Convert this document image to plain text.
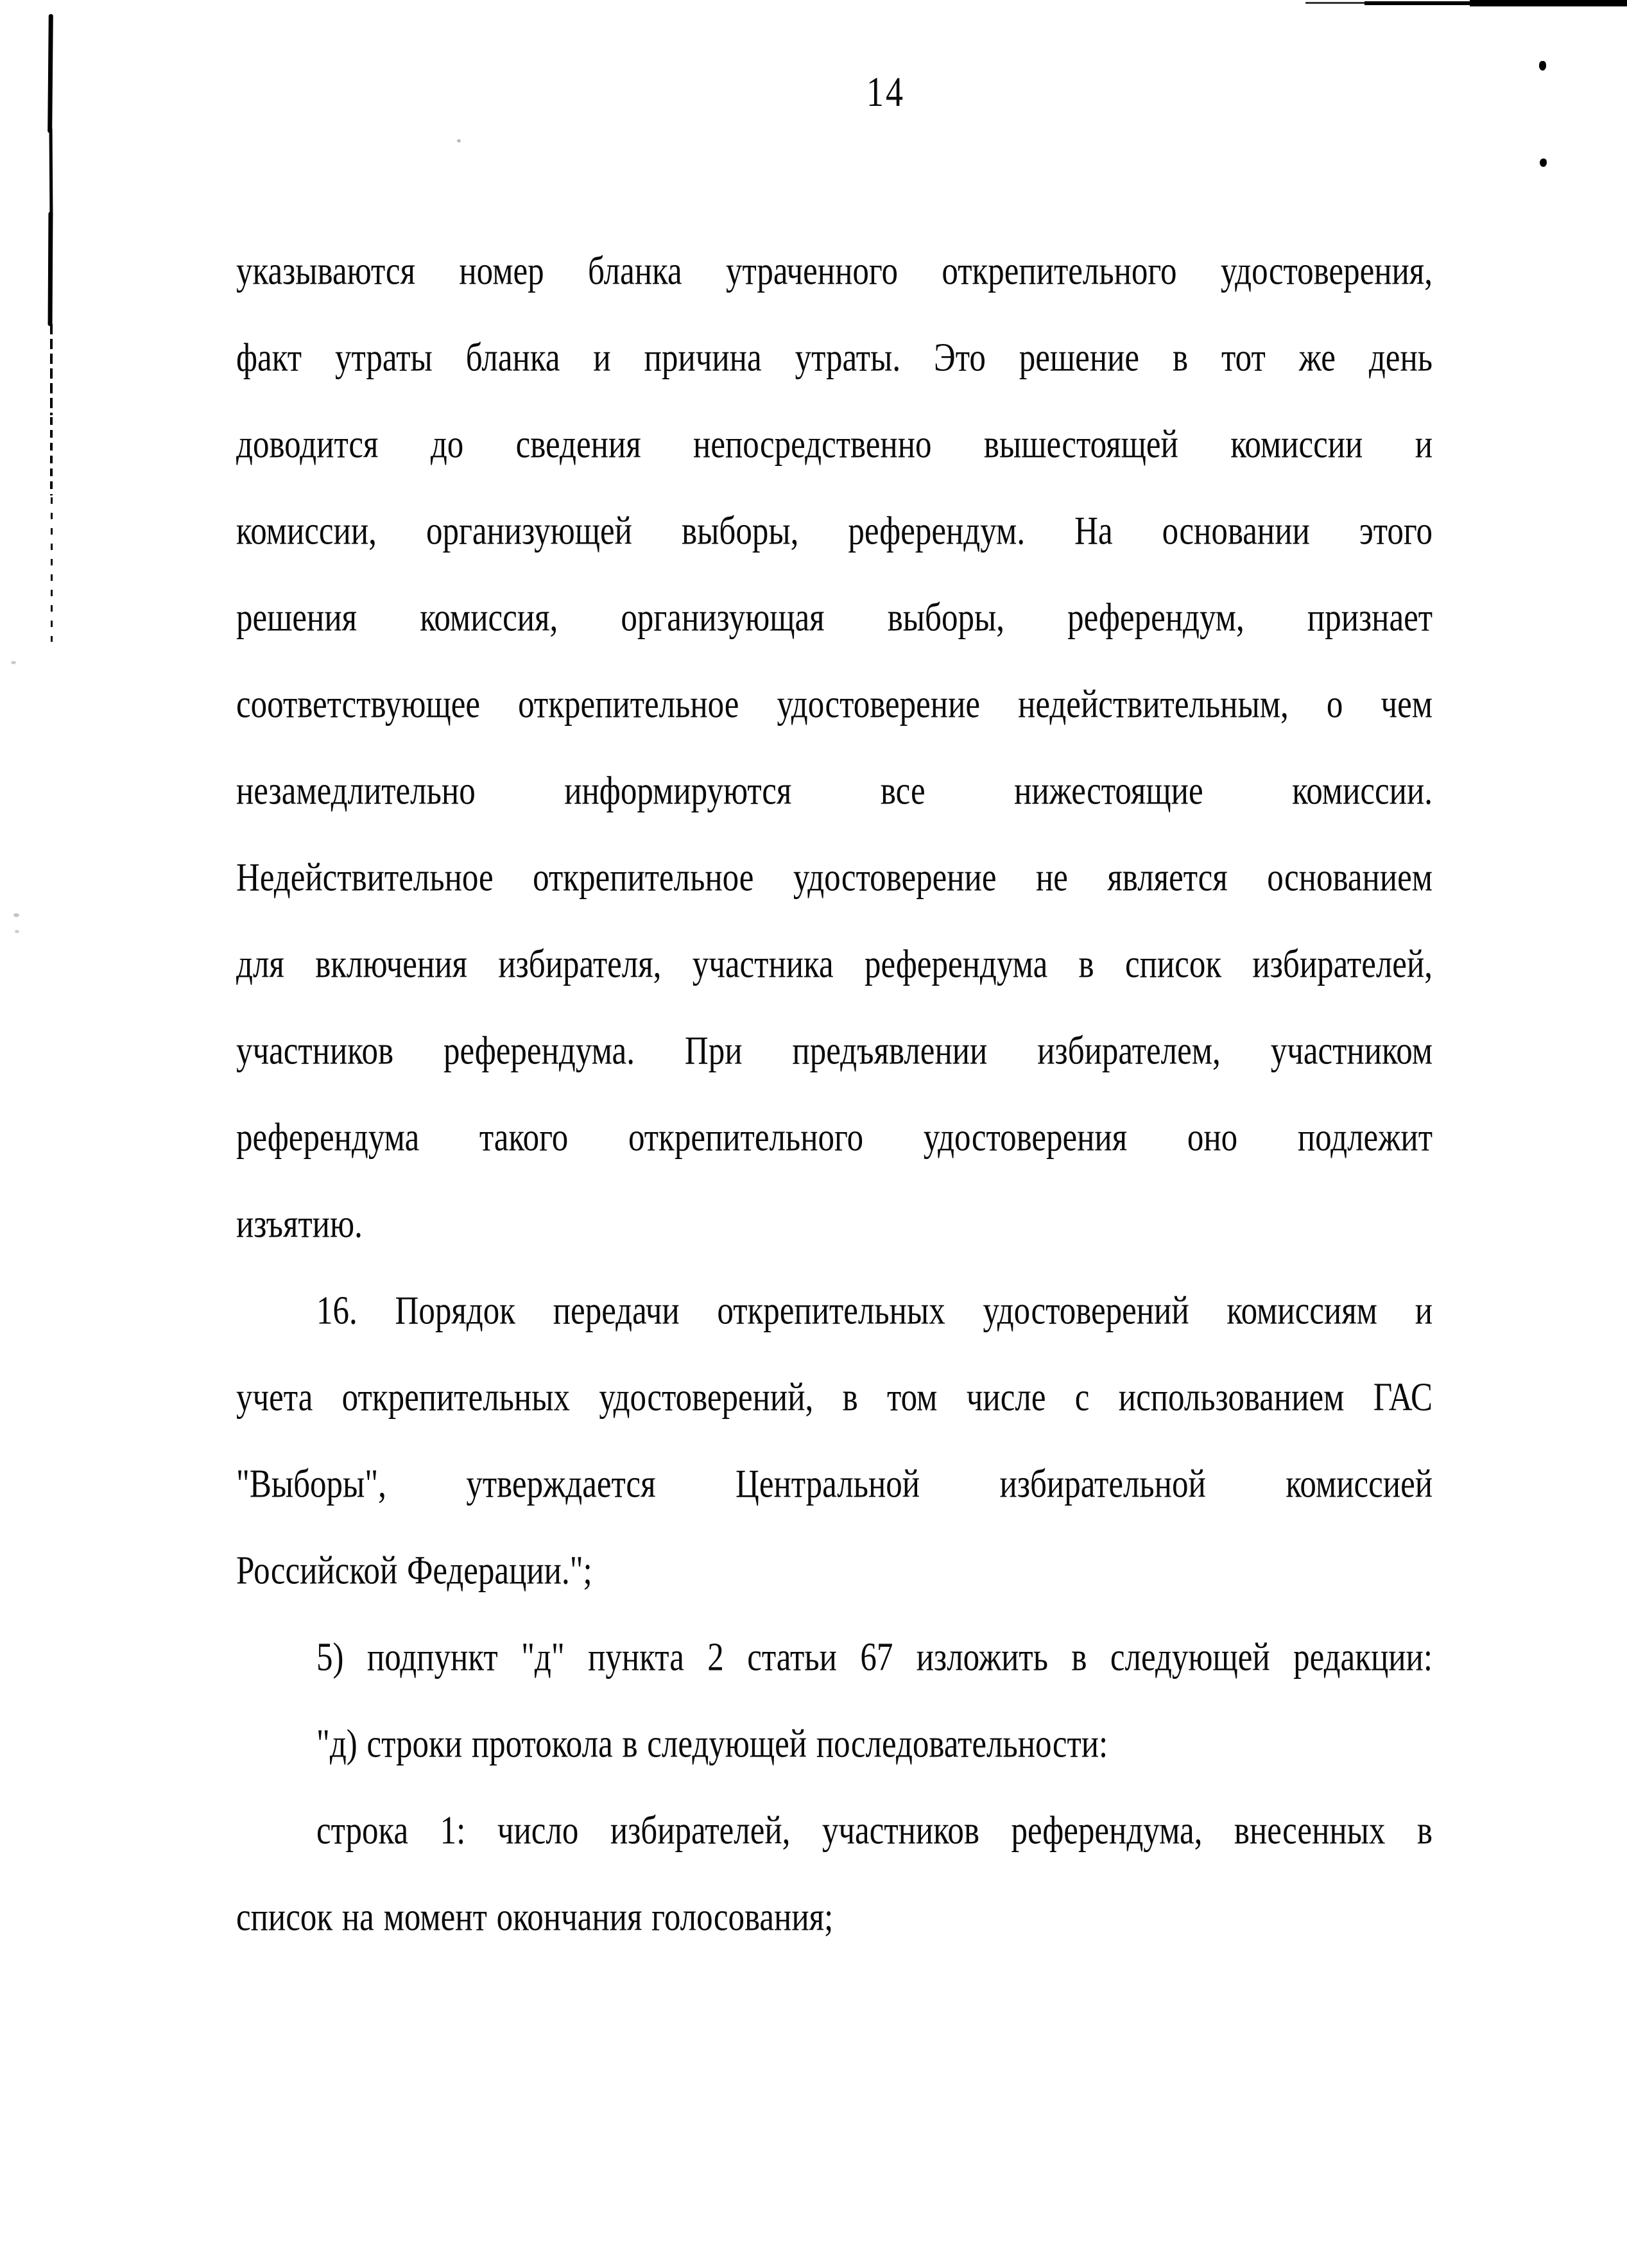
14
указываются номер бланка утраченного открепительного удостоверения,
факт утраты бланка и причина утраты. Это решение в тот же день
доводится до сведения непосредственно вышестоящей комиссии и
комиссии, организующей выборы, референдум. На основании этого
решения комиссия, организующая выборы, референдум, признает
соответствующее открепительное удостоверение недействительным, о чем
незамедлительно информируются все нижестоящие комиссии.
Недействительное открепительное удостоверение не является основанием
для включения избирателя, участника референдума в список избирателей,
участников референдума. При предъявлении избирателем, участником
референдума такого открепительного удостоверения оно подлежит
изъятию.
16. Порядок передачи открепительных удостоверений комиссиям и
учета открепительных удостоверений, в том числе с использованием ГАС
"Выборы", утверждается Центральной избирательной комиссией
Российской Федерации.";
5) подпункт "д" пункта 2 статьи 67 изложить в следующей редакции:
"д) строки протокола в следующей последовательности:
строка 1: число избирателей, участников референдума, внесенных в
список на момент окончания голосования;
